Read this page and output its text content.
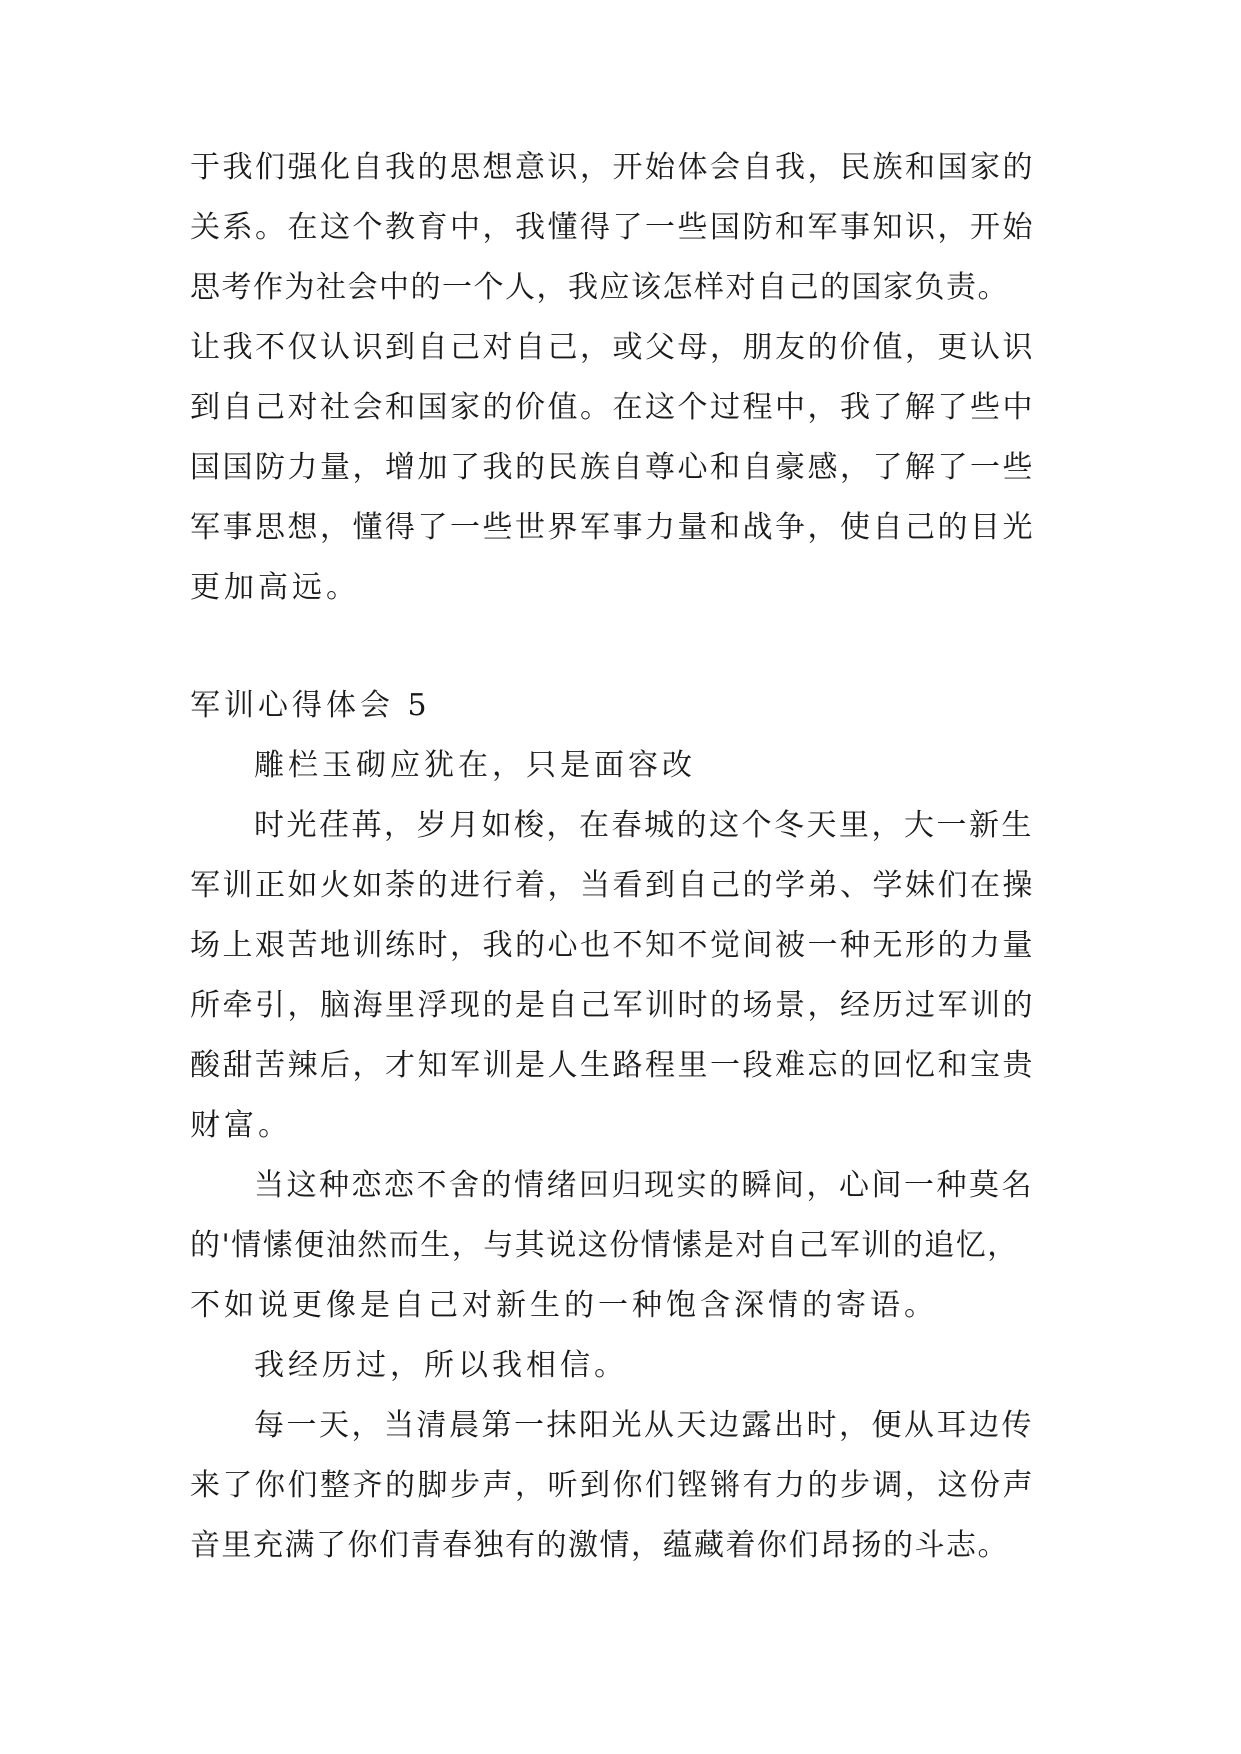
于我们强化自我的思想意识，开始体会自我，民族和国家的
关系。在这个教育中，我懂得了一些国防和军事知识，开始
思考作为社会中的一个人，我应该怎样对自己的国家负责。
让我不仅认识到自己对自己，或父母，朋友的价值，更认识
到自己对社会和国家的价值。在这个过程中，我了解了些中
国国防力量，增加了我的民族自尊心和自豪感，了解了一些
军事思想，懂得了一些世界军事力量和战争，使自己的目光
更加高远。
军训心得体会 5
雕栏玉砌应犹在，只是面容改
时光荏苒，岁月如梭，在春城的这个冬天里，大一新生
军训正如火如荼的进行着，当看到自己的学弟、学妹们在操
场上艰苦地训练时，我的心也不知不觉间被一种无形的力量
所牵引，脑海里浮现的是自己军训时的场景，经历过军训的
酸甜苦辣后，才知军训是人生路程里一段难忘的回忆和宝贵
财富。
当这种恋恋不舍的情绪回归现实的瞬间，心间一种莫名
的'情愫便油然而生，与其说这份情愫是对自己军训的追忆，
不如说更像是自己对新生的一种饱含深情的寄语。
我经历过，所以我相信。
每一天，当清晨第一抹阳光从天边露出时，便从耳边传
来了你们整齐的脚步声，听到你们铿锵有力的步调，这份声
音里充满了你们青春独有的激情，蕴藏着你们昂扬的斗志。
